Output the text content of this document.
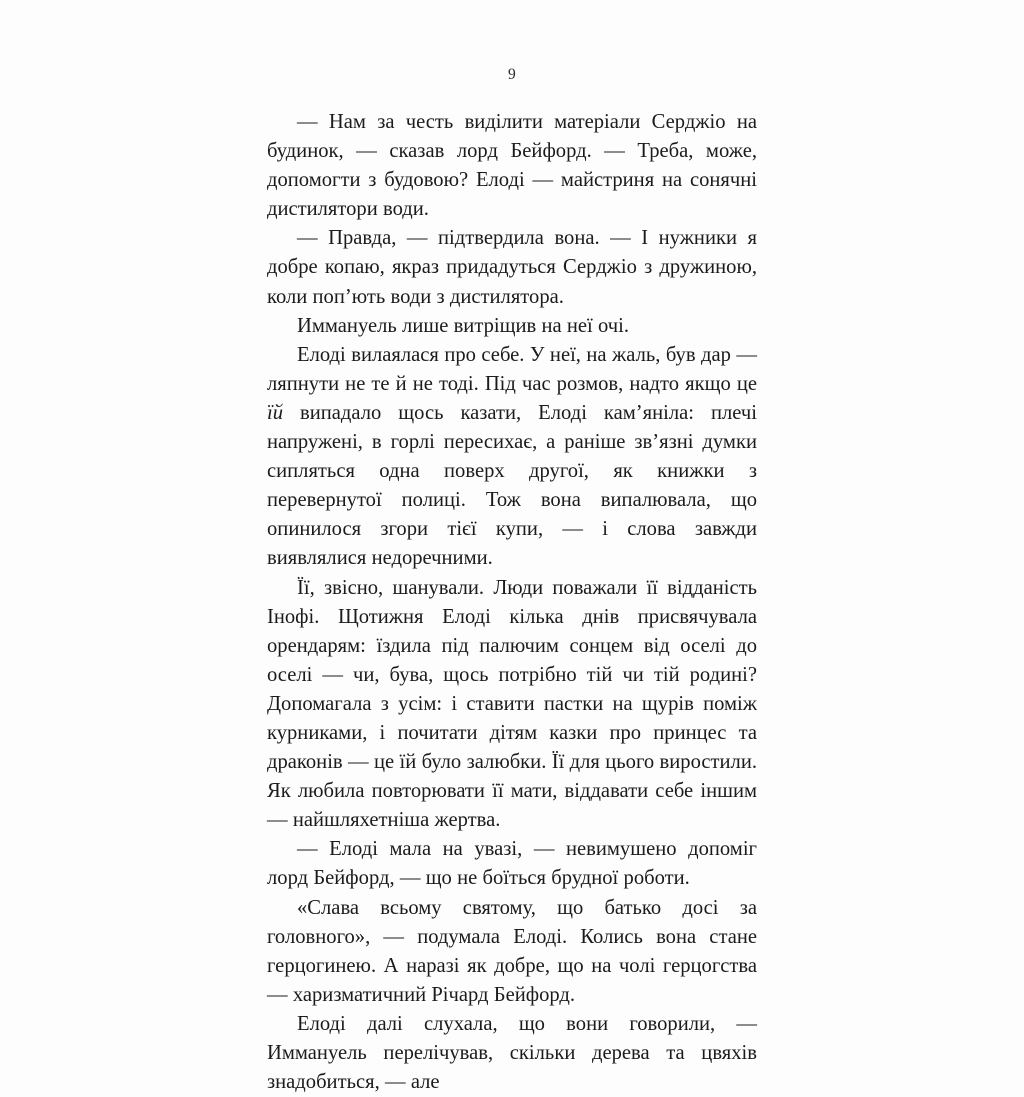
9

— Нам за честь виділити матеріали Серджіо на будинок, — сказав лорд Бейфорд. — Треба, може, допомогти з будовою? Елоді — майстриня на сонячні дистилятори води.

— Правда, — підтвердила вона. — І нужники я добре копаю, якраз придадуться Серджіо з дружиною, коли поп’ють води з дистилятора.

Иммануель лише витріщив на неї очі.

Елоді вилаялася про себе. У неї, на жаль, був дар — ляпнути не те й не тоді. Під час розмов, надто якщо це їй випадало щось казати, Елоді кам’яніла: плечі напружені, в горлі пересихає, а раніше зв’язні думки сипляться одна поверх другої, як книжки з перевернутої полиці. Тож вона випалювала, що опинилося згори тієї купи, — і слова завжди виявлялися недоречними.

Її, звісно, шанували. Люди поважали її відданість Інофі. Щотижня Елоді кілька днів присвячувала орендарям: їздила під палючим сонцем від оселі до оселі — чи, бува, щось потрібно тій чи тій родині? Допомагала з усім: і ставити пастки на щурів поміж курниками, і почитати дітям казки про принцес та драконів — це їй було залюбки. Її для цього виростили. Як любила повторювати її мати, віддавати себе іншим — найшляхетніша жертва.

— Елоді мала на увазі, — невимушено допоміг лорд Бейфорд, — що не боїться брудної роботи.

«Слава всьому святому, що батько досі за головного», — подумала Елоді. Колись вона стане герцогинею. А наразі як добре, що на чолі герцогства — харизматичний Річард Бейфорд.

Елоді далі слухала, що вони говорили, — Иммануель перелічував, скільки дерева та цвяхів знадобиться, — але
